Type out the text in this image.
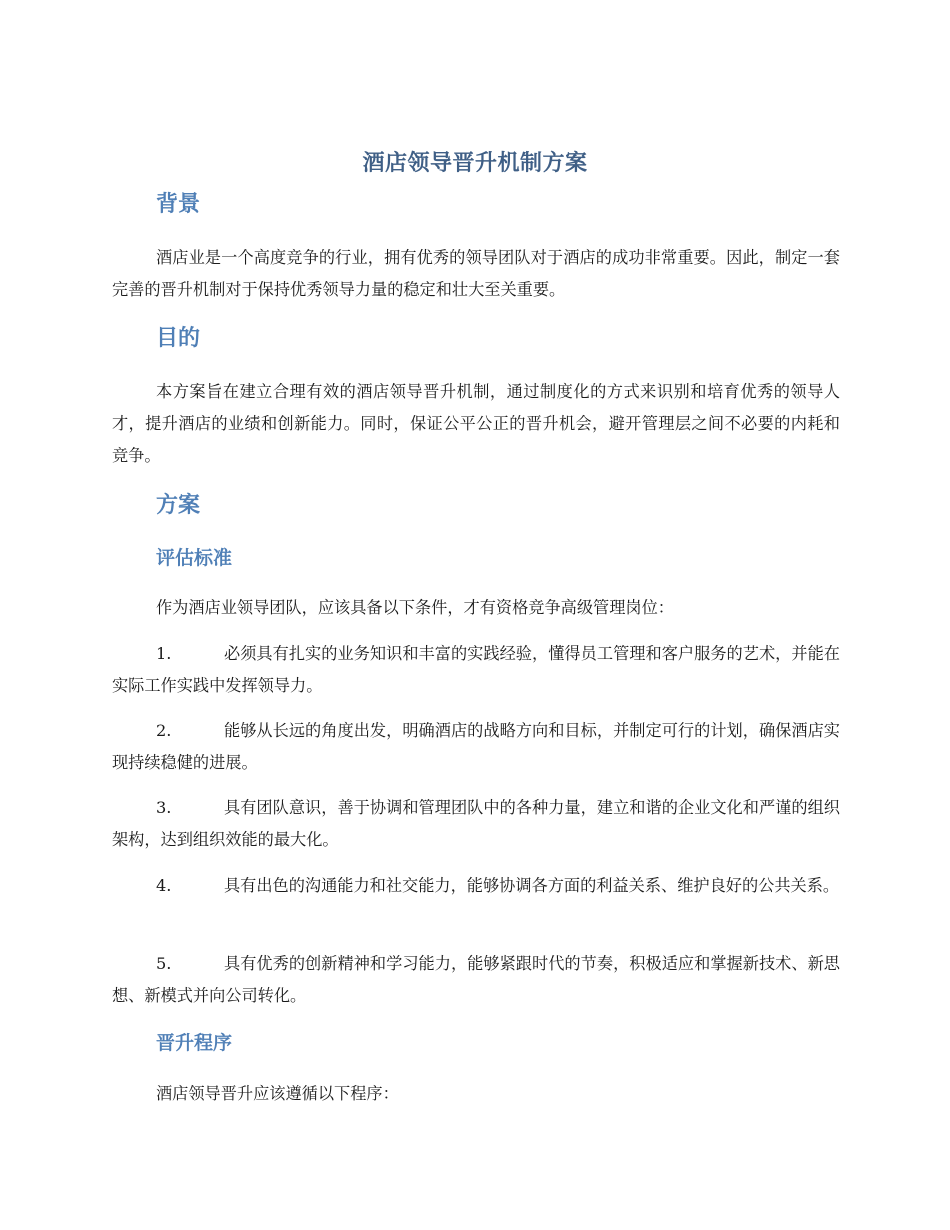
酒店领导晋升机制方案
背景
酒店业是一个高度竞争的行业，拥有优秀的领导团队对于酒店的成功非常重要。因此，制定一套完善的晋升机制对于保持优秀领导力量的稳定和壮大至关重要。
目的
本方案旨在建立合理有效的酒店领导晋升机制，通过制度化的方式来识别和培育优秀的领导人才，提升酒店的业绩和创新能力。同时，保证公平公正的晋升机会，避开管理层之间不必要的内耗和竞争。
方案
评估标准
作为酒店业领导团队，应该具备以下条件，才有资格竞争高级管理岗位：
1.	必须具有扎实的业务知识和丰富的实践经验，懂得员工管理和客户服务的艺术，并能在实际工作实践中发挥领导力。
2.	能够从长远的角度出发，明确酒店的战略方向和目标，并制定可行的计划，确保酒店实现持续稳健的进展。
3.	具有团队意识，善于协调和管理团队中的各种力量，建立和谐的企业文化和严谨的组织架构，达到组织效能的最大化。
4.	具有出色的沟通能力和社交能力，能够协调各方面的利益关系、维护良好的公共关系。
5.	具有优秀的创新精神和学习能力，能够紧跟时代的节奏，积极适应和掌握新技术、新思想、新模式并向公司转化。
晋升程序
酒店领导晋升应该遵循以下程序：
